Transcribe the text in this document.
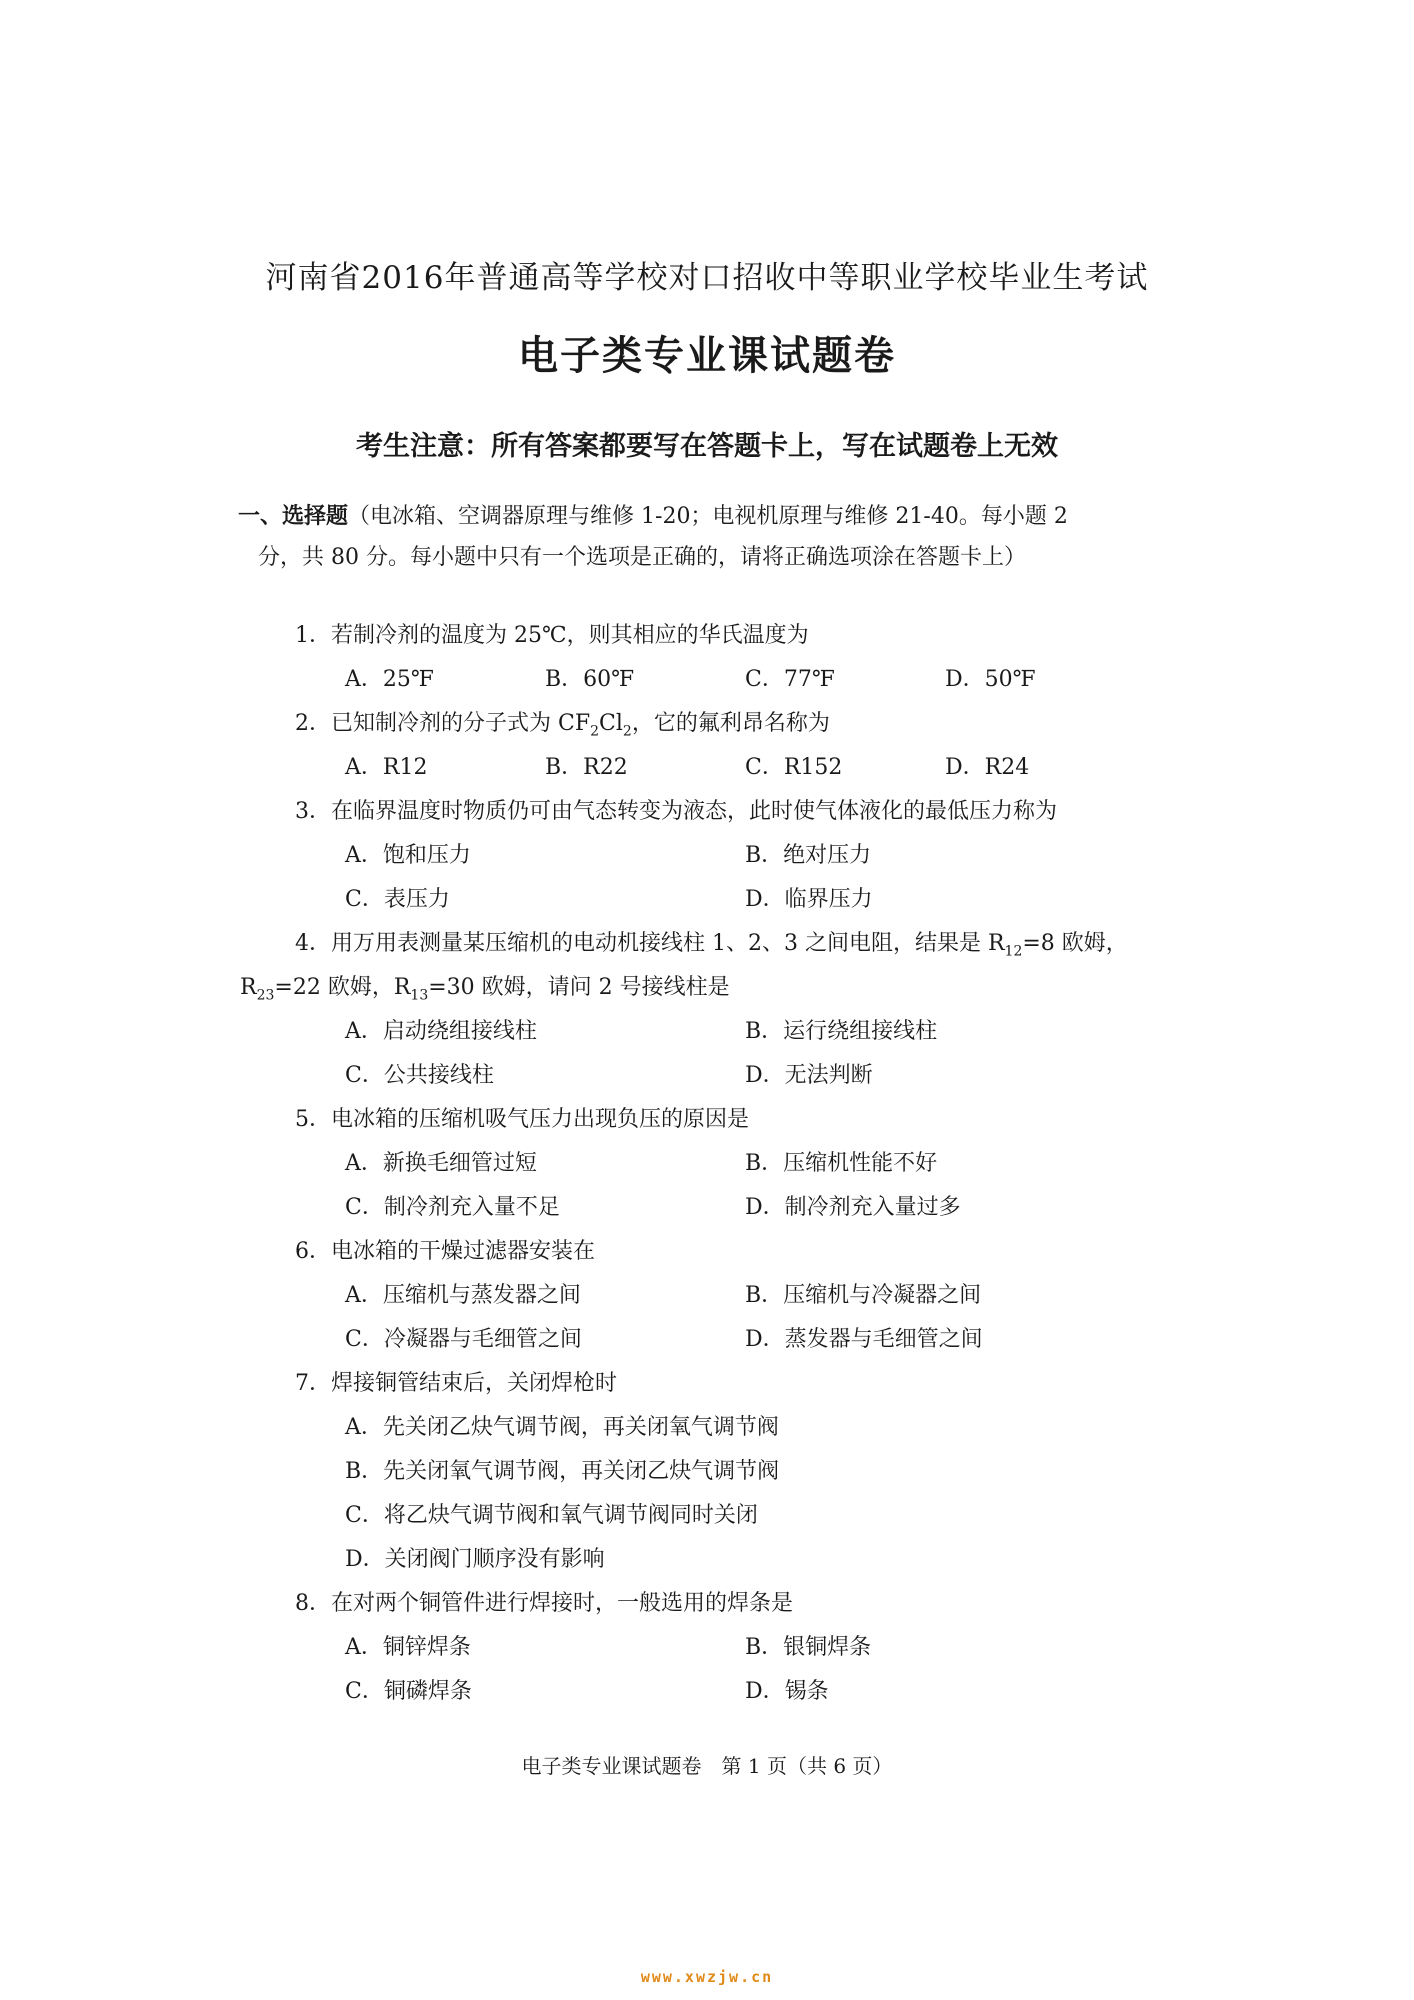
河南省2016年普通高等学校对口招收中等职业学校毕业生考试
电子类专业课试题卷
考生注意：所有答案都要写在答题卡上，写在试题卷上无效
一、选择题（电冰箱、空调器原理与维修 1-20；电视机原理与维修 21-40。每小题 2
分，共 80 分。每小题中只有一个选项是正确的，请将正确选项涂在答题卡上）
1．若制冷剂的温度为 25℃，则其相应的华氏温度为
A．25℉	B．60℉	C．77℉	D．50℉
2．已知制冷剂的分子式为 $CF_2Cl_2$，它的氟利昂名称为
A．R12	B．R22	C．R152	D．R24
3．在临界温度时物质仍可由气态转变为液态，此时使气体液化的最低压力称为
A．饱和压力	B．绝对压力
C．表压力	D．临界压力
4．用万用表测量某压缩机的电动机接线柱 1、2、3 之间电阻，结果是 $R_{12}=8$ 欧姆，
$R_{23}=22$ 欧姆，$R_{13}=30$ 欧姆，请问 2 号接线柱是
A．启动绕组接线柱	B．运行绕组接线柱
C．公共接线柱	D．无法判断
5．电冰箱的压缩机吸气压力出现负压的原因是
A．新换毛细管过短	B．压缩机性能不好
C．制冷剂充入量不足	D．制冷剂充入量过多
6．电冰箱的干燥过滤器安装在
A．压缩机与蒸发器之间	B．压缩机与冷凝器之间
C．冷凝器与毛细管之间	D．蒸发器与毛细管之间
7．焊接铜管结束后，关闭焊枪时
A．先关闭乙炔气调节阀，再关闭氧气调节阀
B．先关闭氧气调节阀，再关闭乙炔气调节阀
C．将乙炔气调节阀和氧气调节阀同时关闭
D．关闭阀门顺序没有影响
8．在对两个铜管件进行焊接时，一般选用的焊条是
A．铜锌焊条	B．银铜焊条
C．铜磷焊条	D．锡条
电子类专业课试题卷　第 1 页（共 6 页）
www.xwzjw.cn
